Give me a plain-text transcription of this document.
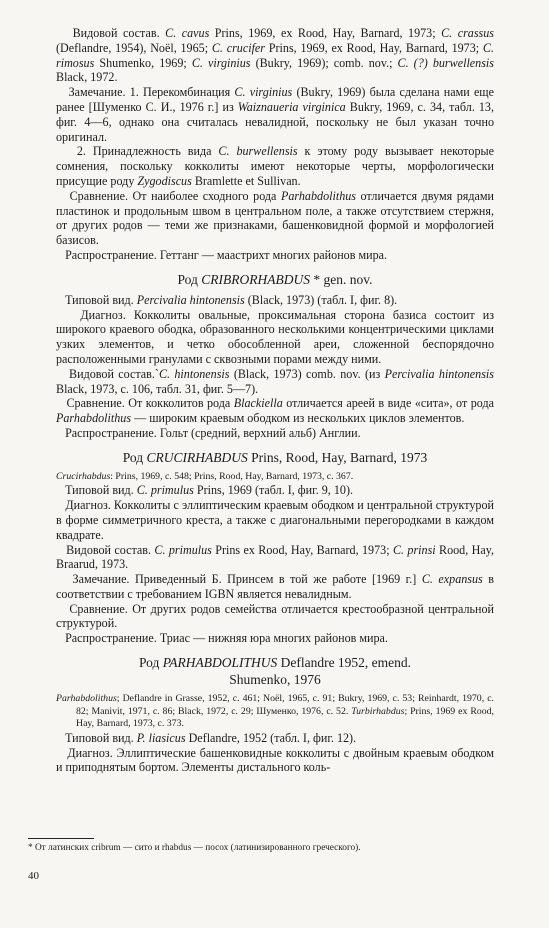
Видовой состав. C. cavus Prins, 1969, ex Rood, Hay, Barnard, 1973; C. crassus (Deflandre, 1954), Noël, 1965; C. crucifer Prins, 1969, ex Rood, Hay, Barnard, 1973; C. rimosus Shumenko, 1969; C. virginius (Bukry, 1969); comb. nov.; C. (?) burwellensis Black, 1972.

Замечание. 1. Перекомбинация C. virginius (Bukry, 1969) была сделана нами еще ранее [Шуменко С. И., 1976 г.] из Waiznaueria virginica Bukry, 1969, с. 34, табл. 13, фиг. 4—6, однако она считалась невалидной, поскольку не был указан точно оригинал.

2. Принадлежность вида C. burwellensis к этому роду вызывает некоторые сомнения, поскольку кокколиты имеют некоторые черты, морфологически присущие роду Zygodiscus Bramlette et Sullivan.

Сравнение. От наиболее сходного рода Parhabdolithus отличается двумя рядами пластинок и продольным швом в центральном поле, а также отсутствием стержня, от других родов — теми же признаками, башенковидной формой и морфологией базисов.

Распространение. Геттанг — маастрихт многих районов мира.

Род CRIBRORHABDUS * gen. nov.

Типовой вид. Percivalia hintonensis (Black, 1973) (табл. I, фиг. 8).

Диагноз. Кокколиты овальные, проксимальная сторона базиса состоит из широкого краевого ободка, образованного несколькими концентрическими циклами узких элементов, и четко обособленной ареи, сложенной беспорядочно расположенными гранулами с сквозными порами между ними.

Видовой состав.`C. hintonensis (Black, 1973) comb. nov. (из Percivalia hintonensis Black, 1973, с. 106, табл. 31, фиг. 5—7).

Сравнение. От кокколитов рода Blackiella отличается ареей в виде «сита», от рода Parhabdolithus — широким краевым ободком из нескольких циклов элементов.

Распространение. Гольт (средний, верхний альб) Англии.

Род CRUCIRHABDUS Prins, Rood, Hay, Barnard, 1973

Crucirhabdus: Prins, 1969, с. 548; Prins, Rood, Hay, Barnard, 1973, с. 367.

Типовой вид. C. primulus Prins, 1969 (табл. I, фиг. 9, 10).

Диагноз. Кокколиты с эллиптическим краевым ободком и центральной структурой в форме симметричного креста, а также с диагональными перегородками в каждом квадрате.

Видовой состав. C. primulus Prins ex Rood, Hay, Barnard, 1973; C. prinsi Rood, Hay, Braarud, 1973.

Замечание. Приведенный Б. Принсем в той же работе [1969 г.] C. expansus в соответствии с требованием IGBN является невалидным.

Сравнение. От других родов семейства отличается крестообразной центральной структурой.

Распространение. Триас — нижняя юра многих районов мира.

Род PARHABDOLITHUS Deflandre 1952, emend.
Shumenko, 1976

Parhabdolithus; Deflandre in Grasse, 1952, с. 461; Noël, 1965, с. 91; Bukry, 1969, с. 53; Reinhardt, 1970, с. 82; Manivit, 1971, с. 86; Black, 1972, с. 29; Шуменко, 1976, с. 52. Turbirhabdus; Prins, 1969 ex Rood, Hay, Barnard, 1973, с. 373.

Типовой вид. P. liasicus Deflandre, 1952 (табл. I, фиг. 12).

Диагноз. Эллиптические башенковидные кокколиты с двойным краевым ободком и приподнятым бортом. Элементы дистального коль-

* От латинских cribrum — сито и rhabdus — посох (латинизированного греческого).

40
